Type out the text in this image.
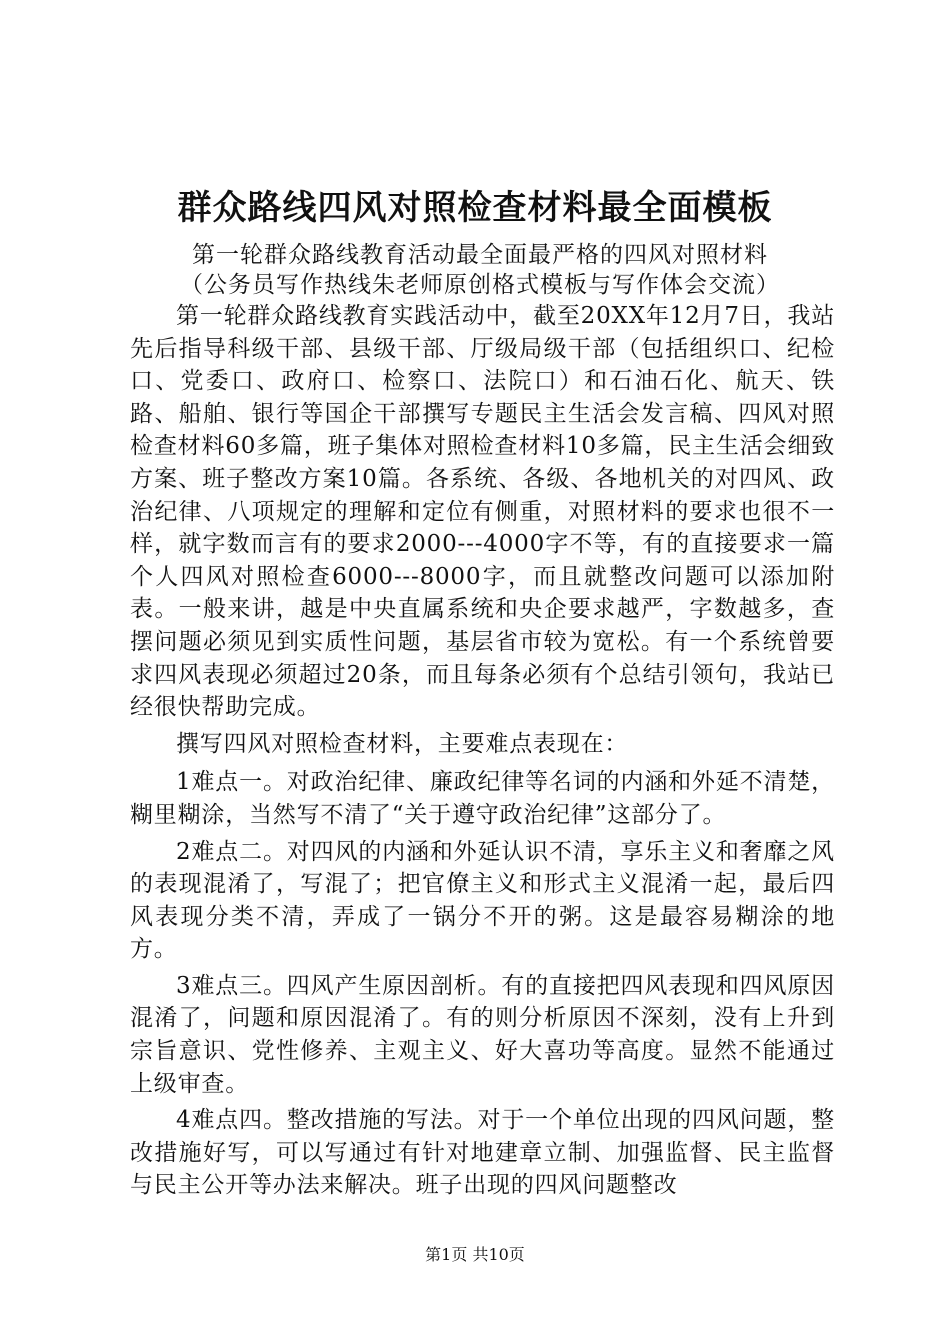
群众路线四风对照检查材料最全面模板

第一轮群众路线教育活动最全面最严格的四风对照材料

（公务员写作热线朱老师原创格式模板与写作体会交流）

第一轮群众路线教育实践活动中，截至20XX年12月7日，我站先后指导科级干部、县级干部、厅级局级干部（包括组织口、纪检口、党委口、政府口、检察口、法院口）和石油石化、航天、铁路、船舶、银行等国企干部撰写专题民主生活会发言稿、四风对照检查材料60多篇，班子集体对照检查材料10多篇，民主生活会细致方案、班子整改方案10篇。各系统、各级、各地机关的对四风、政治纪律、八项规定的理解和定位有侧重，对照材料的要求也很不一样，就字数而言有的要求2000---4000字不等，有的直接要求一篇个人四风对照检查6000---8000字，而且就整改问题可以添加附表。一般来讲，越是中央直属系统和央企要求越严，字数越多，查摆问题必须见到实质性问题，基层省市较为宽松。有一个系统曾要求四风表现必须超过20条，而且每条必须有个总结引领句，我站已经很快帮助完成。

撰写四风对照检查材料，主要难点表现在：

1难点一。对政治纪律、廉政纪律等名词的内涵和外延不清楚，糊里糊涂，当然写不清了“关于遵守政治纪律”这部分了。

2难点二。对四风的内涵和外延认识不清，享乐主义和奢靡之风的表现混淆了，写混了；把官僚主义和形式主义混淆一起，最后四风表现分类不清，弄成了一锅分不开的粥。这是最容易糊涂的地方。

3难点三。四风产生原因剖析。有的直接把四风表现和四风原因混淆了，问题和原因混淆了。有的则分析原因不深刻，没有上升到宗旨意识、党性修养、主观主义、好大喜功等高度。显然不能通过上级审查。

4难点四。整改措施的写法。对于一个单位出现的四风问题，整改措施好写，可以写通过有针对地建章立制、加强监督、民主监督与民主公开等办法来解决。班子出现的四风问题整改

第1页 共10页
